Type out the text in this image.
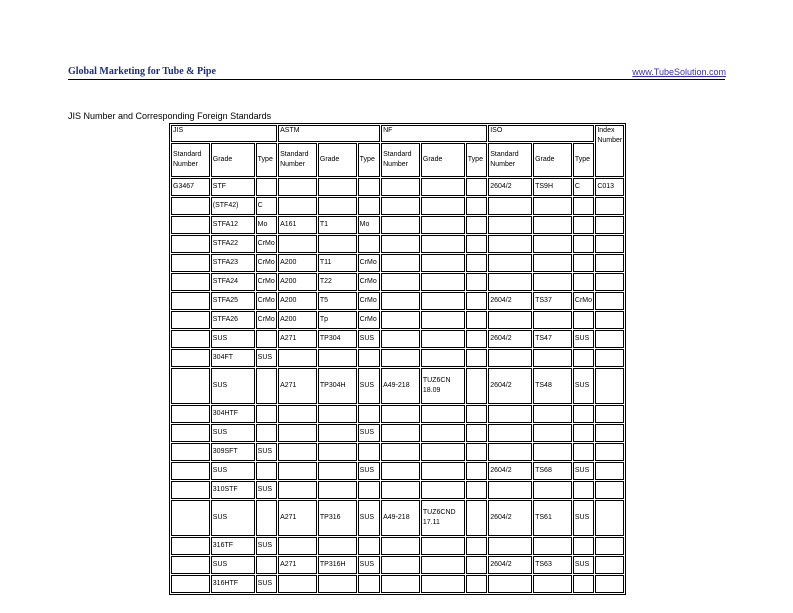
Global Marketing for Tube & Pipe	www.TubeSolution.com
JIS Number and Corresponding Foreign Standards
JIS			ASTM			NF			ISO			Index Number
Standard Number	Grade	Type	Standard Number	Grade	Type	Standard Number	Grade	Type	Standard Number	Grade	Type	
G3467	STF								2604/2	TS9H	C	C013
	(STF42)	C										
	STFA12	Mo	A161	T1	Mo							
	STFA22	CrMo										
	STFA23	CrMo	A200	T11	CrMo							
	STFA24	CrMo	A200	T22	CrMo							
	STFA25	CrMo	A200	T5	CrMo				2604/2	TS37	CrMo	
	STFA26	CrMo	A200	Tp	CrMo							
	SUS		A271	TP304	SUS				2604/2	TS47	SUS	
	304FT	SUS										
	SUS		A271	TP304H	SUS	A49-218	TUZ6CN 18.09		2604/2	TS48	SUS	
	304HTF											
	SUS				SUS							
	309SFT	SUS										
	SUS				SUS				2604/2	TS68	SUS	
	310STF	SUS										
	SUS		A271	TP316	SUS	A49-218	TUZ6CND 17.11		2604/2	TS61	SUS	
	316TF	SUS										
	SUS		A271	TP316H	SUS				2604/2	TS63	SUS	
	316HTF	SUS										
